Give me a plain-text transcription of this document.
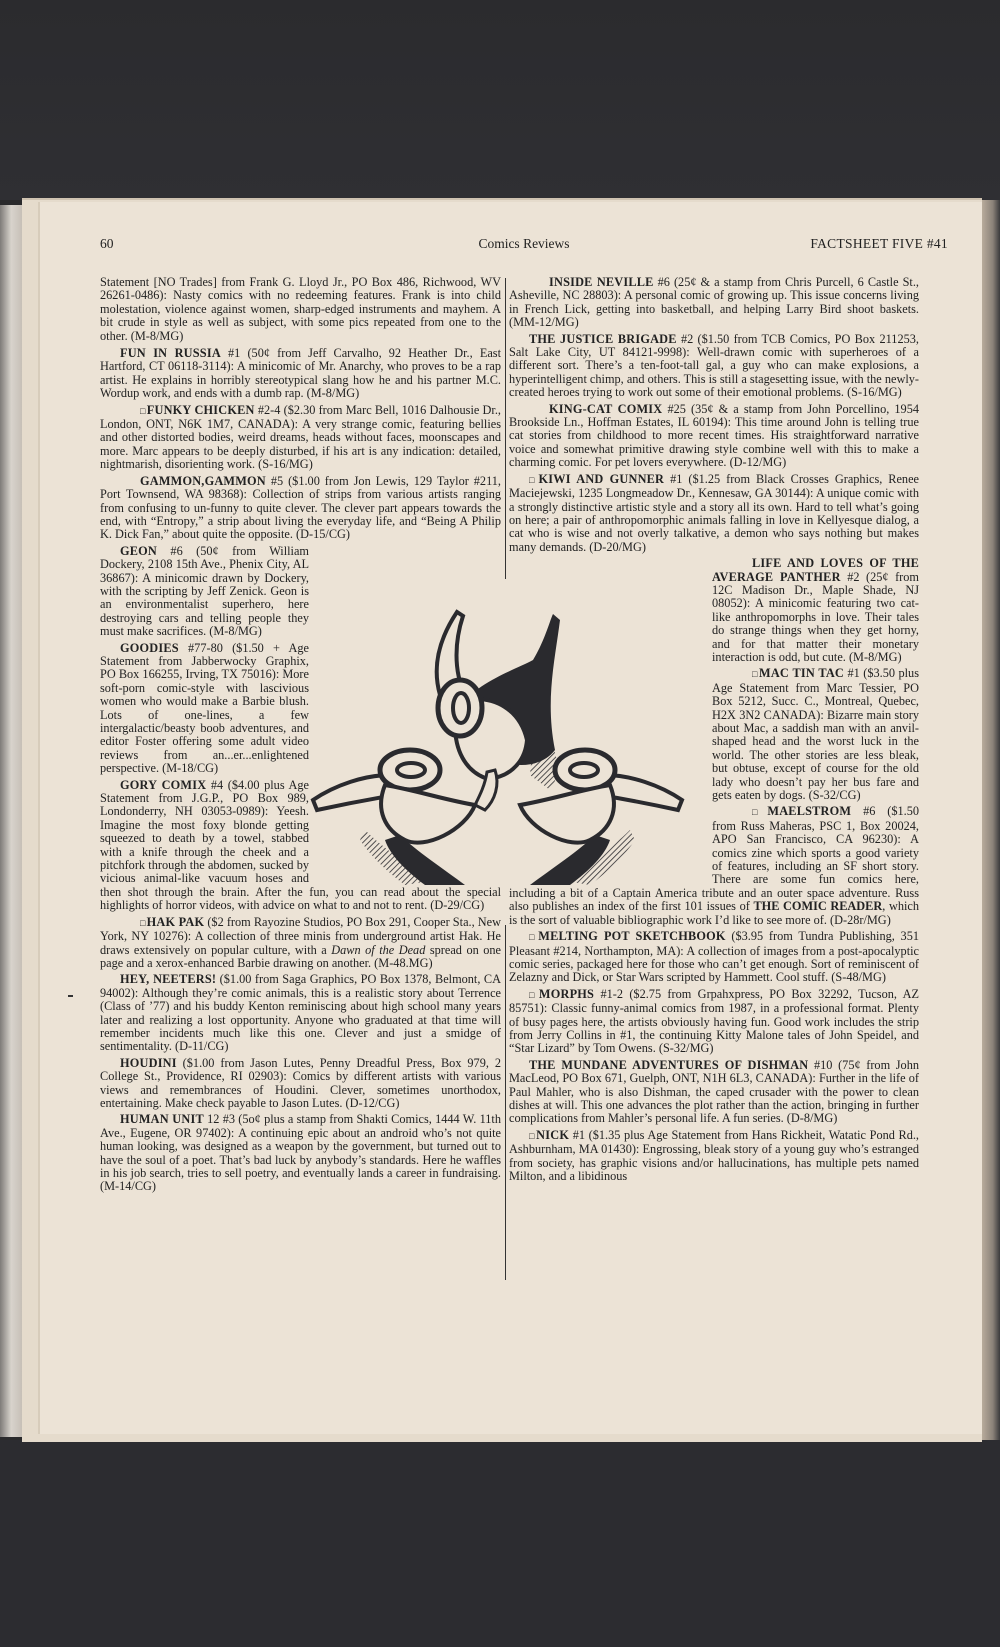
60	Comics Reviews	FACTSHEET FIVE #41

Statement [NO Trades] from Frank G. Lloyd Jr., PO Box 486, Richwood, WV 26261-0486): Nasty comics with no redeeming features. Frank is into child molestation, violence against women, sharp-edged instruments and mayhem. A bit crude in style as well as subject, with some pics repeated from one to the other. (M-8/MG)

FUN IN RUSSIA #1 (50¢ from Jeff Carvalho, 92 Heather Dr., East Hartford, CT 06118-3114): A minicomic of Mr. Anarchy, who proves to be a rap artist. He explains in horribly stereotypical slang how he and his partner M.C. Wordup work, and ends with a dumb rap. (M-8/MG)

□ FUNKY CHICKEN #2-4 ($2.30 from Marc Bell, 1016 Dalhousie Dr., London, ONT, N6K 1M7, CANADA): A very strange comic, featuring bellies and other distorted bodies, weird dreams, heads without faces, moonscapes and more. Marc appears to be deeply disturbed, if his art is any indication: detailed, nightmarish, disorienting work. (S-16/MG)

GAMMON,GAMMON #5 ($1.00 from Jon Lewis, 129 Taylor #211, Port Townsend, WA 98368): Collection of strips from various artists ranging from confusing to un-funny to quite clever. The clever part appears towards the end, with “Entropy,” a strip about living the everyday life, and “Being A Philip K. Dick Fan,” about quite the opposite. (D-15/CG)

GEON #6 (50¢ from William Dockery, 2108 15th Ave., Phenix City, AL 36867): A minicomic drawn by Dockery, with the scripting by Jeff Zenick. Geon is an environmentalist superhero, here destroying cars and telling people they must make sacrifices. (M-8/MG)

GOODIES #77-80 ($1.50 + Age Statement from Jabberwocky Graphix, PO Box 166255, Irving, TX 75016): More soft-porn comic-style with lascivious women who would make a Barbie blush. Lots of one-lines, a few intergalactic/beasty boob adventures, and editor Foster offering some adult video reviews from an...er...enlightened perspective. (M-18/CG)

GORY COMIX #4 ($4.00 plus Age Statement from J.G.P., PO Box 989, Londonderry, NH 03053-0989): Yeesh. Imagine the most foxy blonde getting squeezed to death by a towel, stabbed with a knife through the cheek and a pitchfork through the abdomen, sucked by vicious animal-like vacuum hoses and then shot through the brain. After the fun, you can read about the special highlights of horror videos, with advice on what to and not to rent. (D-29/CG)

□ HAK PAK ($2 from Rayozine Studios, PO Box 291, Cooper Sta., New York, NY 10276): A collection of three minis from underground artist Hak. He draws extensively on popular culture, with a Dawn of the Dead spread on one page and a xerox-enhanced Barbie drawing on another. (M-48.MG)

HEY, NEETERS! ($1.00 from Saga Graphics, PO Box 1378, Belmont, CA 94002): Although they’re comic animals, this is a realistic story about Terrence (Class of ’77) and his buddy Kenton reminiscing about high school many years later and realizing a lost opportunity. Anyone who graduated at that time will remember incidents much like this one. Clever and just a smidge of sentimentality. (D-11/CG)

HOUDINI ($1.00 from Jason Lutes, Penny Dreadful Press, Box 979, 2 College St., Providence, RI 02903): Comics by different artists with various views and remembrances of Houdini. Clever, sometimes unorthodox, entertaining. Make check payable to Jason Lutes. (D-12/CG)

HUMAN UNIT 12 #3 (5o¢ plus a stamp from Shakti Comics, 1444 W. 11th Ave., Eugene, OR 97402): A continuing epic about an android who’s not quite human looking, was designed as a weapon by the government, but turned out to have the soul of a poet. That’s bad luck by anybody’s standards. Here he waffles in his job search, tries to sell poetry, and eventually lands a career in fundraising. (M-14/CG)

INSIDE NEVILLE #6 (25¢ & a stamp from Chris Purcell, 6 Castle St., Asheville, NC 28803): A personal comic of growing up. This issue concerns living in French Lick, getting into basketball, and helping Larry Bird shoot baskets. (MM-12/MG)

THE JUSTICE BRIGADE #2 ($1.50 from TCB Comics, PO Box 211253, Salt Lake City, UT 84121-9998): Well-drawn comic with superheroes of a different sort. There’s a ten-foot-tall gal, a guy who can make explosions, a hyperintelligent chimp, and others. This is still a stagesetting issue, with the newly-created heroes trying to work out some of their emotional problems. (S-16/MG)

KING-CAT COMIX #25 (35¢ & a stamp from John Porcellino, 1954 Brookside Ln., Hoffman Estates, IL 60194): This time around John is telling true cat stories from childhood to more recent times. His straightforward narrative voice and somewhat primitive drawing style combine well with this to make a charming comic. For pet lovers everywhere. (D-12/MG)

□ KIWI AND GUNNER #1 ($1.25 from Black Crosses Graphics, Renee Maciejewski, 1235 Longmeadow Dr., Kennesaw, GA 30144): A unique comic with a strongly distinctive artistic style and a story all its own. Hard to tell what’s going on here; a pair of anthropomorphic animals falling in love in Kellyesque dialog, a cat who is wise and not overly talkative, a demon who says nothing but makes many demands. (D-20/MG)

LIFE AND LOVES OF THE AVERAGE PANTHER #2 (25¢ from 12C Madison Dr., Maple Shade, NJ 08052): A minicomic featuring two cat-like anthropomorphs in love. Their tales do strange things when they get horny, and for that matter their monetary interaction is odd, but cute. (M-8/MG)

□ MAC TIN TAC #1 ($3.50 plus Age Statement from Marc Tessier, PO Box 5212, Succ. C., Montreal, Quebec, H2X 3N2 CANADA): Bizarre main story about Mac, a saddish man with an anvil-shaped head and the worst luck in the world. The other stories are less bleak, but obtuse, except of course for the old lady who doesn’t pay her bus fare and gets eaten by dogs. (S-32/CG)

□ MAELSTROM #6 ($1.50 from Russ Maheras, PSC 1, Box 20024, APO San Francisco, CA 96230): A comics zine which sports a good variety of features, including an SF short story. There are some fun comics here, including a bit of a Captain America tribute and an outer space adventure. Russ also publishes an index of the first 101 issues of THE COMIC READER, which is the sort of valuable bibliographic work I’d like to see more of. (D-28r/MG)

□ MELTING POT SKETCHBOOK ($3.95 from Tundra Publishing, 351 Pleasant #214, Northampton, MA): A collection of images from a post-apocalyptic comic series, packaged here for those who can’t get enough. Sort of reminiscent of Zelazny and Dick, or Star Wars scripted by Hammett. Cool stuff. (S-48/MG)

□ MORPHS #1-2 ($2.75 from Grpahxpress, PO Box 32292, Tucson, AZ 85751): Classic funny-animal comics from 1987, in a professional format. Plenty of busy pages here, the artists obviously having fun. Good work includes the strip from Jerry Collins in #1, the continuing Kitty Malone tales of John Speidel, and “Star Lizard” by Tom Owens. (S-32/MG)

THE MUNDANE ADVENTURES OF DISHMAN #10 (75¢ from John MacLeod, PO Box 671, Guelph, ONT, N1H 6L3, CANADA): Further in the life of Paul Mahler, who is also Dishman, the caped crusader with the power to clean dishes at will. This one advances the plot rather than the action, bringing in further complications from Mahler’s personal life. A fun series. (D-8/MG)

□ NICK #1 ($1.35 plus Age Statement from Hans Rickheit, Watatic Pond Rd., Ashburnham, MA 01430): Engrossing, bleak story of a young guy who’s estranged from society, has graphic visions and/or hallucinations, has multiple pets named Milton, and a libidinous
